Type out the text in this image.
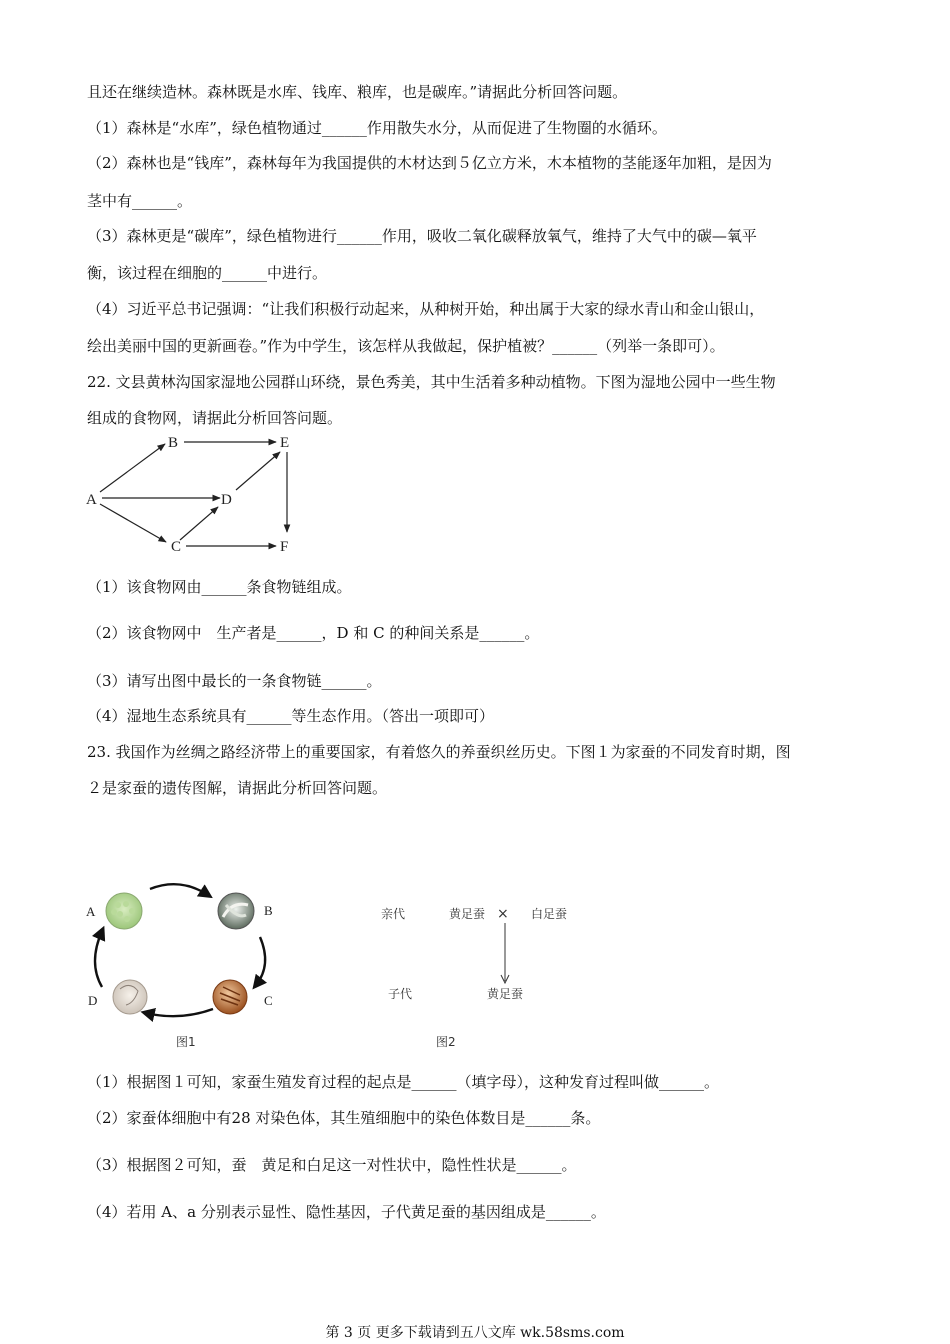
且还在继续造林。森林既是水库、钱库、粮库，也是碳库。”请据此分析回答问题。
（1）森林是“水库”，绿色植物通过______作用散失水分，从而促进了生物圈的水循环。
（2）森林也是“钱库”，森林每年为我国提供的木材达到５亿立方米，木本植物的茎能逐年加粗，是因为
茎中有______。
（3）森林更是“碳库”，绿色植物进行______作用，吸收二氧化碳释放氧气，维持了大气中的碳—氧平
衡，该过程在细胞的______中进行。
（4）习近平总书记强调：“让我们积极行动起来，从种树开始，种出属于大家的绿水青山和金山银山，
绘出美丽中国的更新画卷。”作为中学生，该怎样从我做起，保护植被？______（列举一条即可）。
22. 文县黄林沟国家湿地公园群山环绕，景色秀美，其中生活着多种动植物。下图为湿地公园中一些生物
组成的食物网，请据此分析回答问题。
A
B
C
D
E
F
（1）该食物网由______条食物链组成。
（2）该食物网中　生产者是______，D 和 C 的种间关系是______。
（3）请写出图中最长的一条食物链______。
（4）湿地生态系统具有______等生态作用。（答出一项即可）
23. 我国作为丝绸之路经济带上的重要国家，有着悠久的养蚕织丝历史。下图１为家蚕的不同发育时期，图
２是家蚕的遗传图解，请据此分析回答问题。
A	B
C
D
图1
亲代	黄足蚕 × 白足蚕
子代	黄足蚕
图2
（1）根据图１可知，家蚕生殖发育过程的起点是______（填字母），这种发育过程叫做______。
（2）家蚕体细胞中有28 对染色体，其生殖细胞中的染色体数目是______条。
（3）根据图２可知，蚕　黄足和白足这一对性状中，隐性性状是______。
（4）若用 A、a 分别表示显性、隐性基因，子代黄足蚕的基因组成是______。
第 3 页 更多下载请到五八文库 wk.58sms.com
